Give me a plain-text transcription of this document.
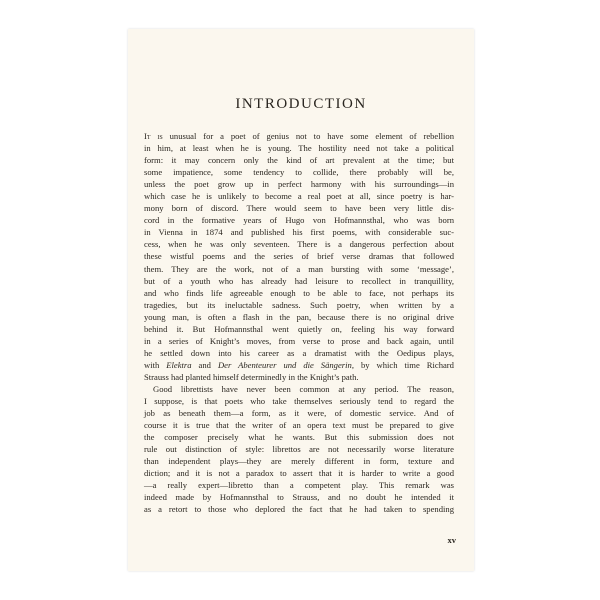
INTRODUCTION
It is unusual for a poet of genius not to have some element of rebellion
in him, at least when he is young. The hostility need not take a political
form: it may concern only the kind of art prevalent at the time; but
some impatience, some tendency to collide, there probably will be,
unless the poet grow up in perfect harmony with his surroundings—in
which case he is unlikely to become a real poet at all, since poetry is har-
mony born of discord. There would seem to have been very little dis-
cord in the formative years of Hugo von Hofmannsthal, who was born
in Vienna in 1874 and published his first poems, with considerable suc-
cess, when he was only seventeen. There is a dangerous perfection about
these wistful poems and the series of brief verse dramas that followed
them. They are the work, not of a man bursting with some ‘message’,
but of a youth who has already had leisure to recollect in tranquillity,
and who finds life agreeable enough to be able to face, not perhaps its
tragedies, but its ineluctable sadness. Such poetry, when written by a
young man, is often a flash in the pan, because there is no original drive
behind it. But Hofmannsthal went quietly on, feeling his way forward
in a series of Knight’s moves, from verse to prose and back again, until
he settled down into his career as a dramatist with the Oedipus plays,
with Elektra and Der Abenteurer und die Sängerin, by which time Richard
Strauss had planted himself determinedly in the Knight’s path.
Good librettists have never been common at any period. The reason,
I suppose, is that poets who take themselves seriously tend to regard the
job as beneath them—a form, as it were, of domestic service. And of
course it is true that the writer of an opera text must be prepared to give
the composer precisely what he wants. But this submission does not
rule out distinction of style: librettos are not necessarily worse literature
than independent plays—they are merely different in form, texture and
diction; and it is not a paradox to assert that it is harder to write a good
—a really expert—libretto than a competent play. This remark was
indeed made by Hofmannsthal to Strauss, and no doubt he intended it
as a retort to those who deplored the fact that he had taken to spending
xv
